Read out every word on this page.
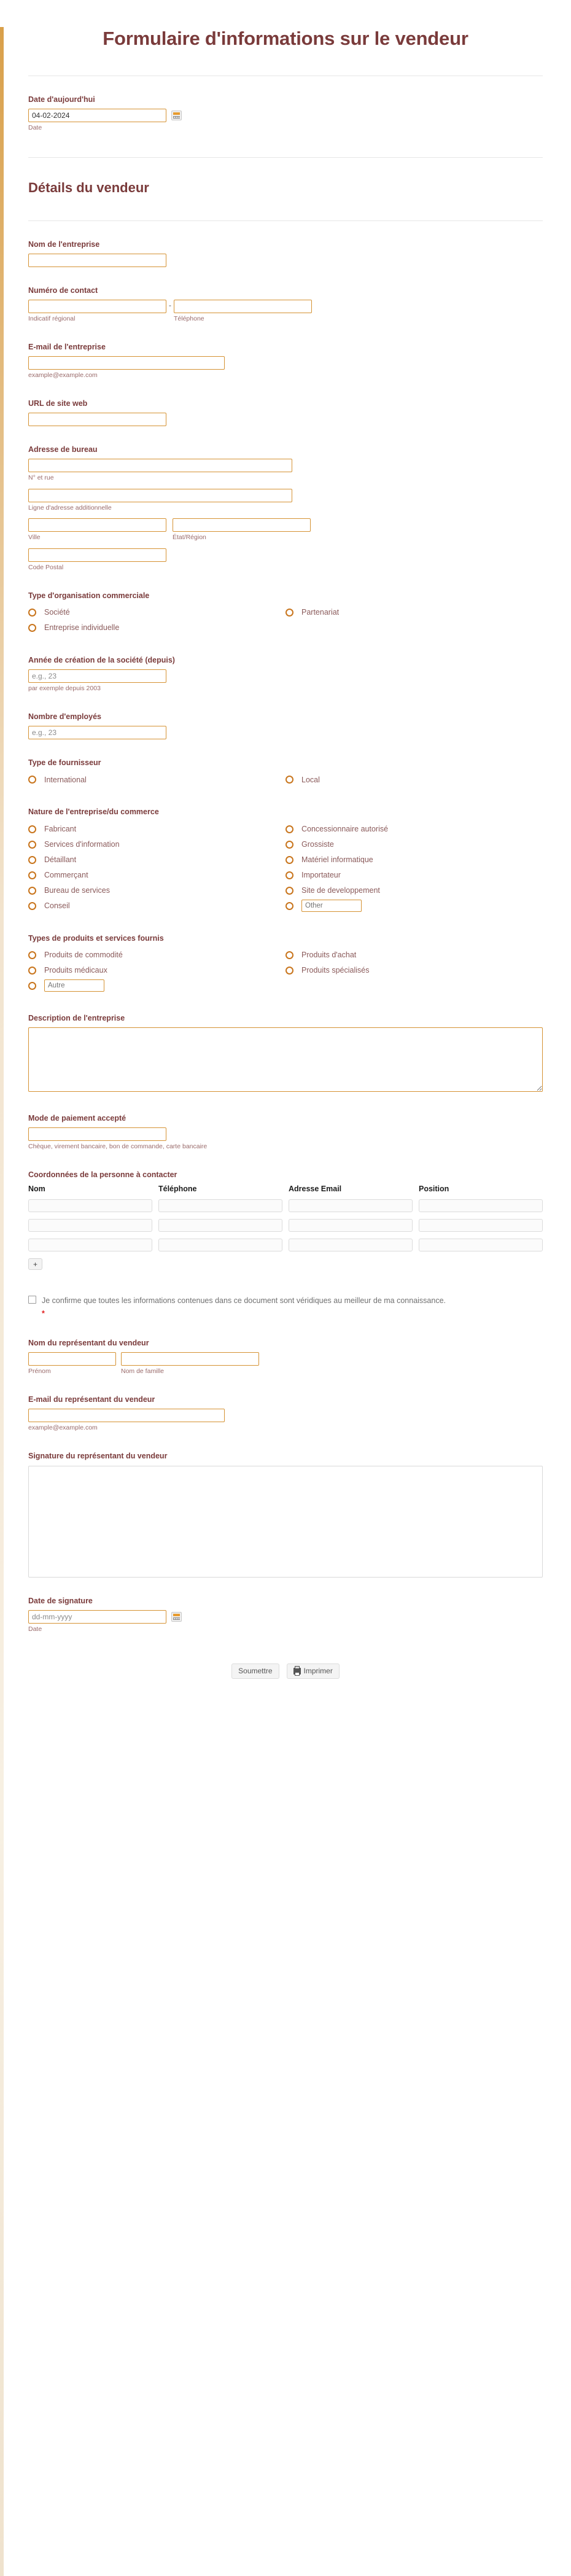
Formulaire d'informations sur le vendeur
Date d'aujourd'hui
04-02-2024
Date
Détails du vendeur
Nom de l'entreprise
Numéro de contact
Indicatif régional
-
Téléphone
E-mail de l'entreprise
example@example.com
URL de site web
Adresse de bureau
N° et rue
Ligne d'adresse additionnelle
Ville	État/Région
Code Postal
Type d'organisation commerciale
Société
Entreprise individuelle
Partenariat
Année de création de la société (depuis)
e.g., 23
par exemple depuis 2003
Nombre d'employés
e.g., 23
Type de fournisseur
International	Local
Nature de l'entreprise/du commerce
Fabricant
Services d'information
Détaillant
Commerçant
Bureau de services
Conseil
Concessionnaire autorisé
Grossiste
Matériel informatique
Importateur
Site de developpement
Other
Types de produits et services fournis
Produits de commodité
Produits médicaux
Autre
Produits d'achat
Produits spécialisés
Description de l'entreprise
Mode de paiement accepté
Chèque, virement bancaire, bon de commande, carte bancaire
Coordonnées de la personne à contacter
Nom	Téléphone	Adresse Email	Position
+
Je confirme que toutes les informations contenues dans ce document sont véridiques au meilleur de ma connaissance. *
Nom du représentant du vendeur
Prénom	Nom de famille
E-mail du représentant du vendeur
example@example.com
Signature du représentant du vendeur
Date de signature
dd-mm-yyyy
Date
Soumettre	Imprimer
